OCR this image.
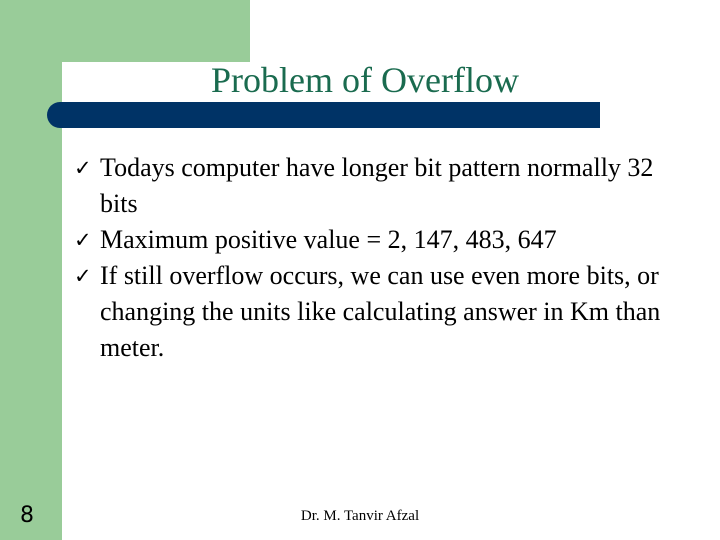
Problem of Overflow
✓ Todays computer have longer bit pattern normally 32 bits
✓ Maximum positive value = 2, 147, 483, 647
✓ If still overflow occurs, we can use even more bits, or changing the units like calculating answer in Km than meter.
8	Dr. M. Tanvir Afzal
